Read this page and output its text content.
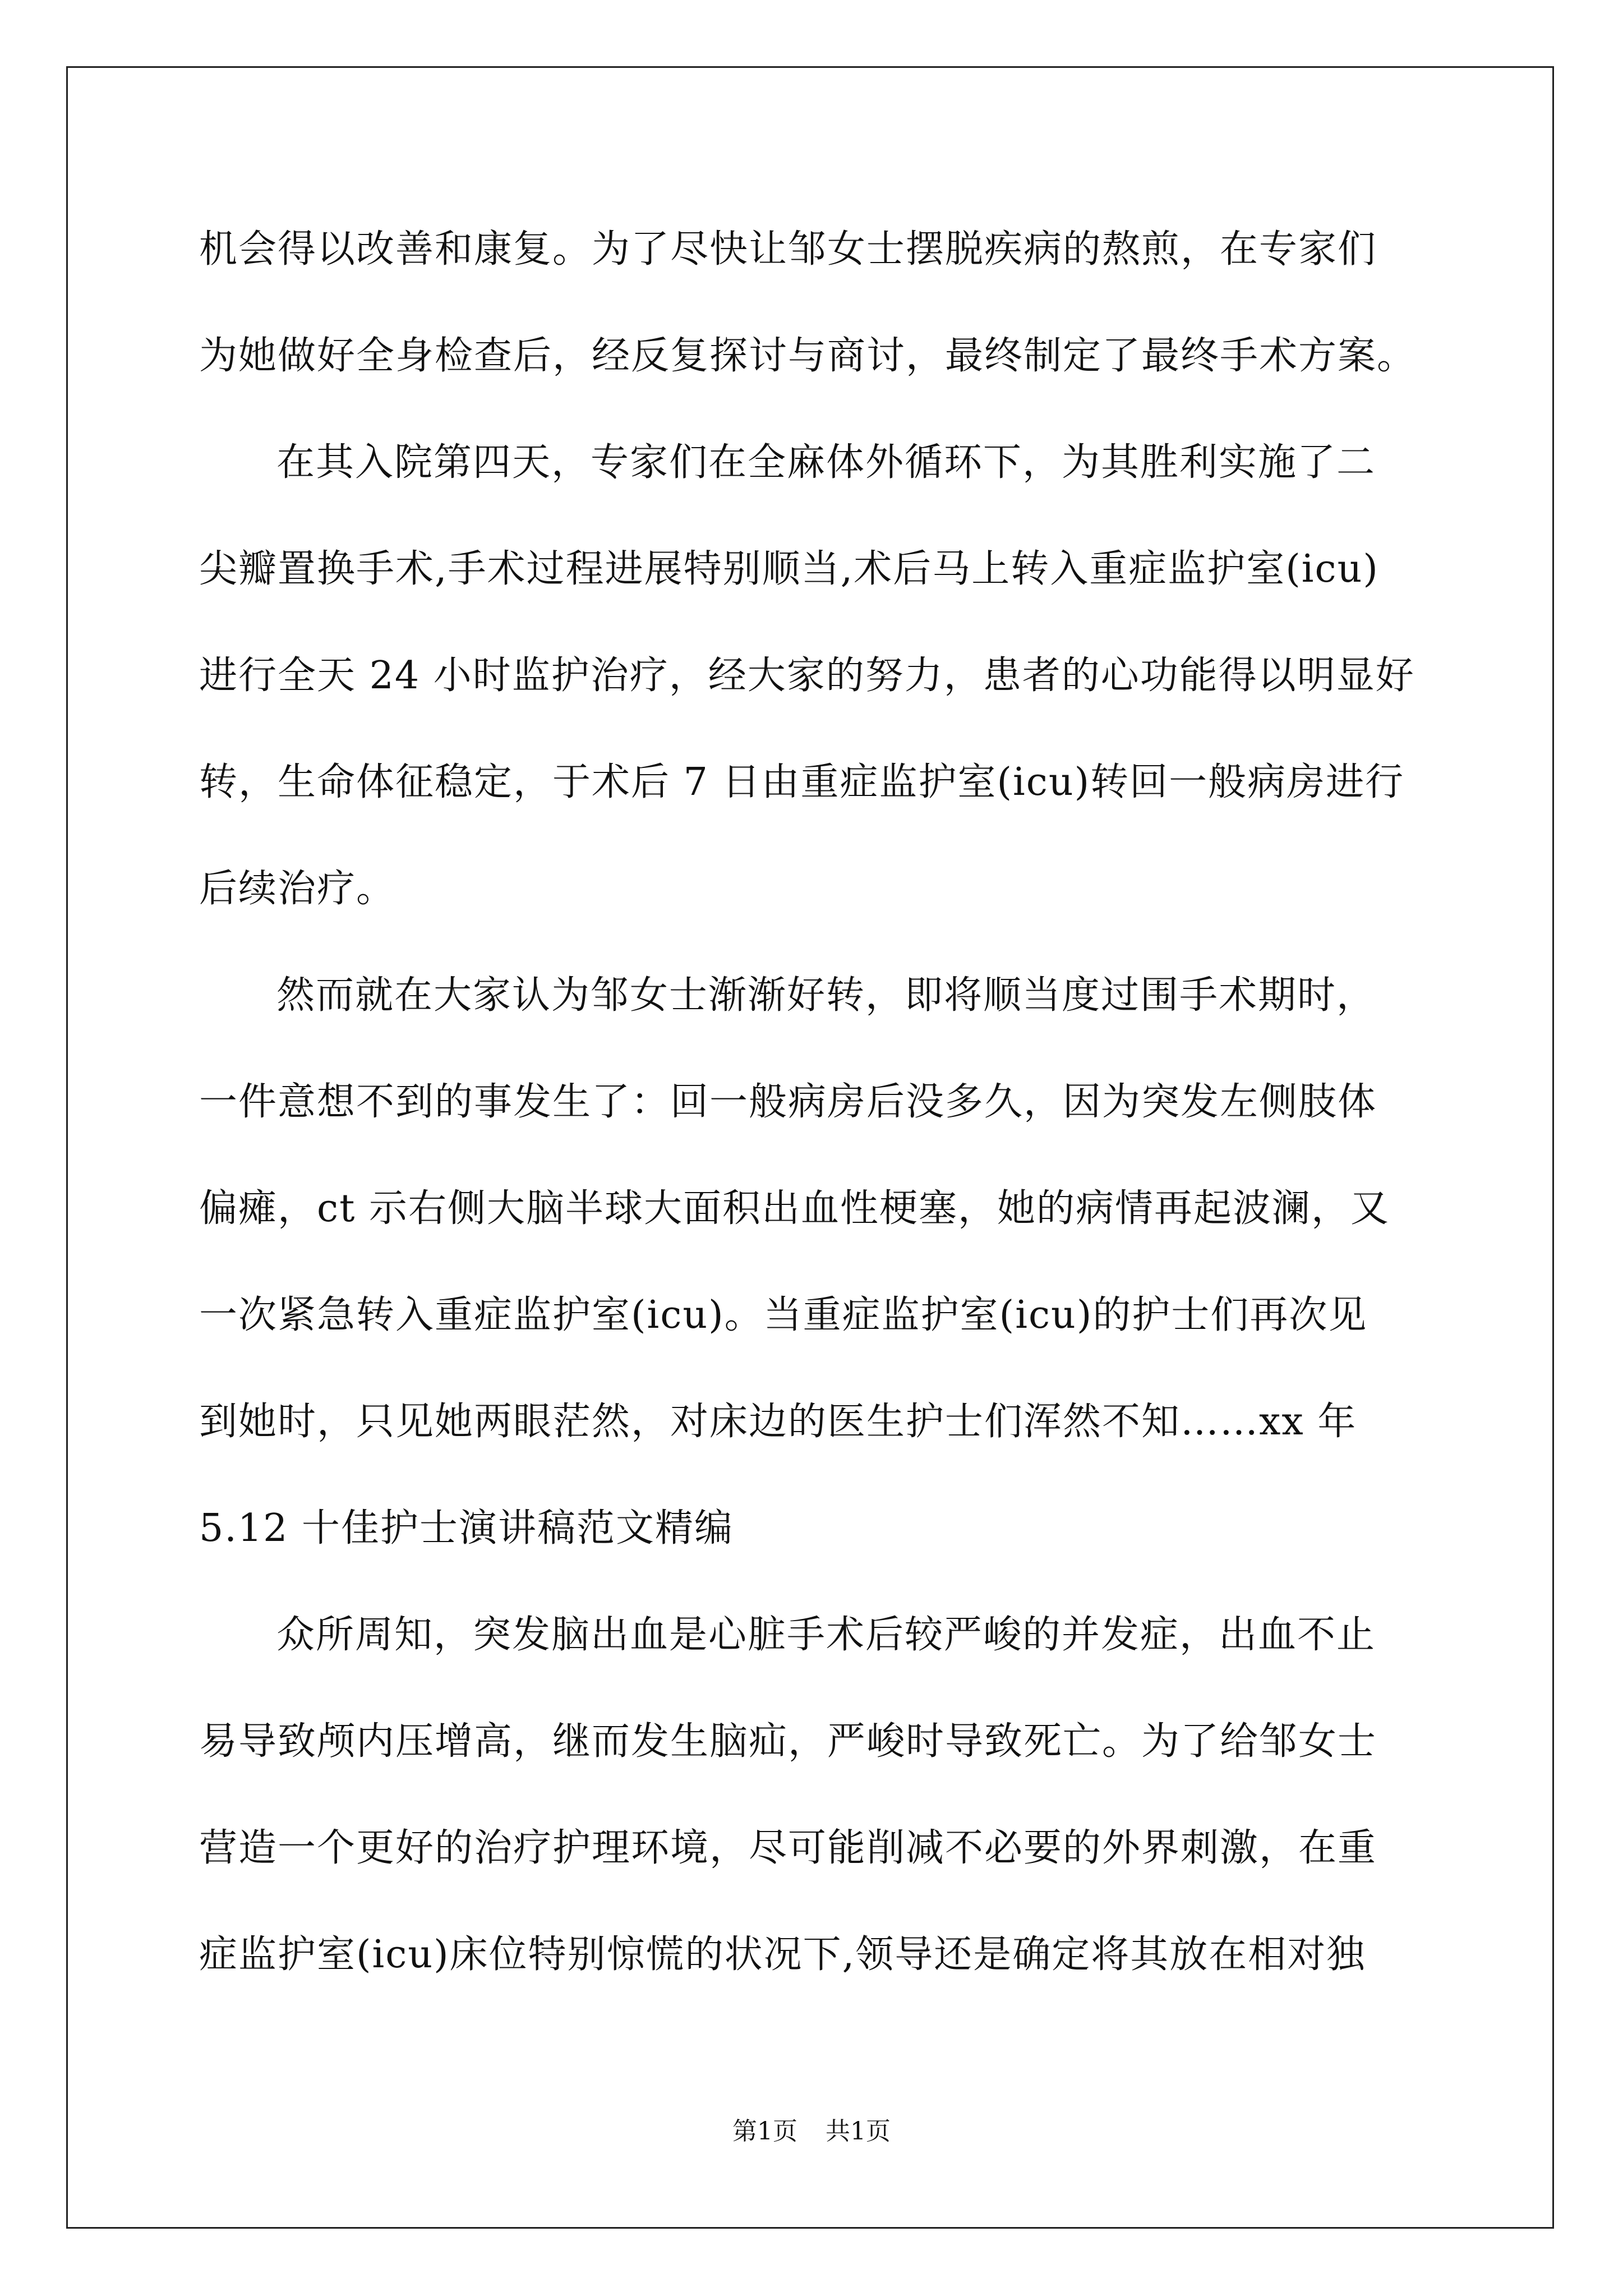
机会得以改善和康复。为了尽快让邹女士摆脱疾病的熬煎，在专家们
为她做好全身检查后，经反复探讨与商讨，最终制定了最终手术方案。
在其入院第四天，专家们在全麻体外循环下，为其胜利实施了二
尖瓣置换手术,手术过程进展特别顺当,术后马上转入重症监护室(icu)
进行全天 24 小时监护治疗，经大家的努力，患者的心功能得以明显好
转，生命体征稳定，于术后 7 日由重症监护室(icu)转回一般病房进行
后续治疗。
然而就在大家认为邹女士渐渐好转，即将顺当度过围手术期时，
一件意想不到的事发生了：回一般病房后没多久，因为突发左侧肢体
偏瘫，ct 示右侧大脑半球大面积出血性梗塞，她的病情再起波澜，又
一次紧急转入重症监护室(icu)。当重症监护室(icu)的护士们再次见
到她时，只见她两眼茫然，对床边的医生护士们浑然不知……xx 年
5.12 十佳护士演讲稿范文精编
众所周知，突发脑出血是心脏手术后较严峻的并发症，出血不止
易导致颅内压增高，继而发生脑疝，严峻时导致死亡。为了给邹女士
营造一个更好的治疗护理环境，尽可能削减不必要的外界刺激，在重
症监护室(icu)床位特别惊慌的状况下,领导还是确定将其放在相对独
第1页 共1页
